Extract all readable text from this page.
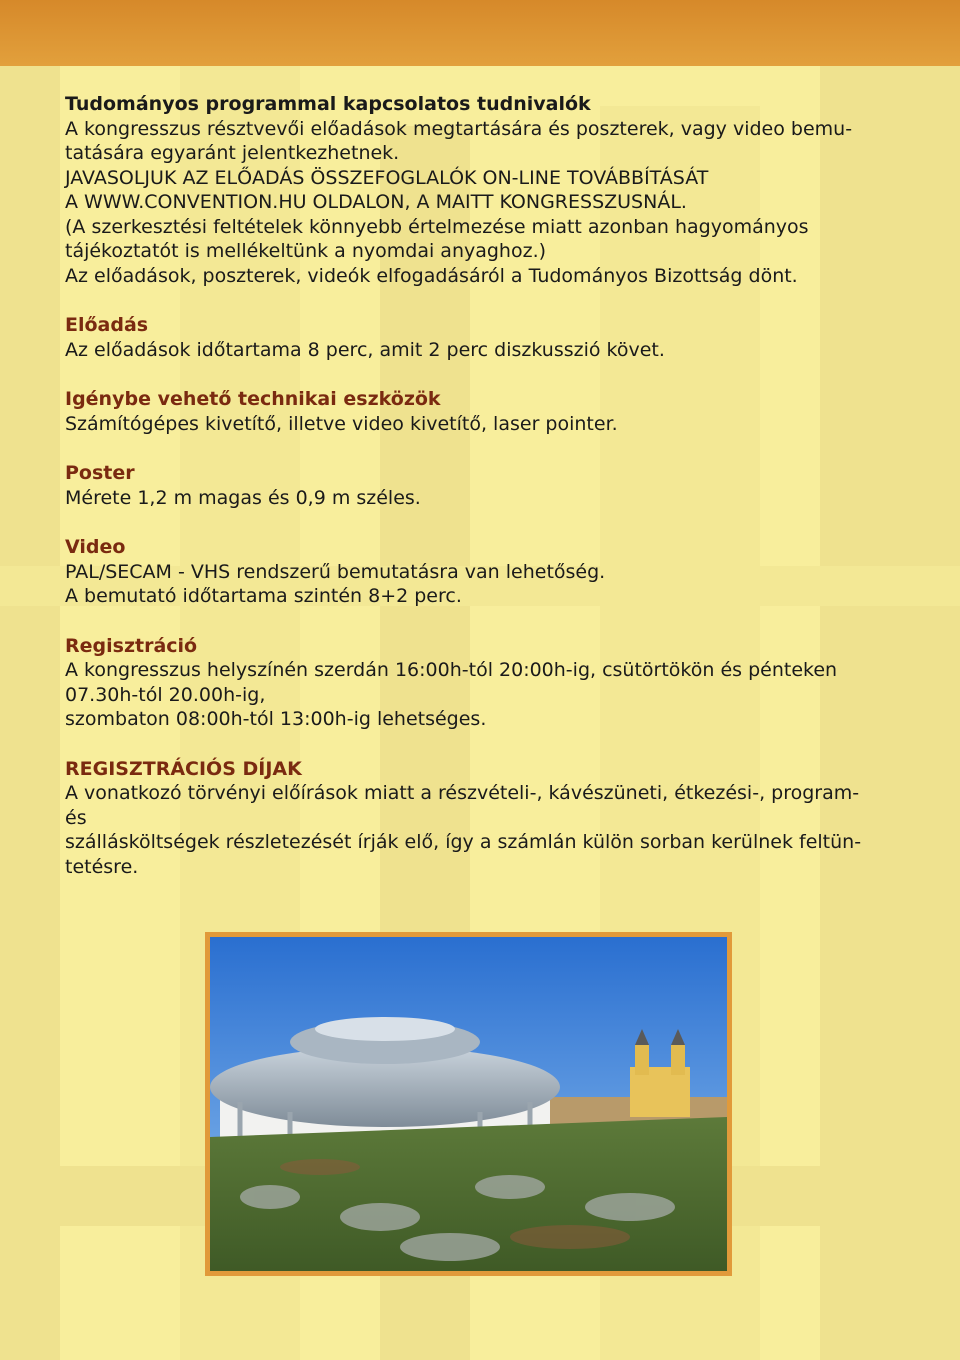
Tudományos programmal kapcsolatos tudnivalók

A kongresszus résztvevői előadások megtartására és poszterek, vagy video bemu-

tatására egyaránt jelentkezhetnek.

JAVASOLJUK AZ ELŐADÁS ÖSSZEFOGLALÓK ON-LINE TOVÁBBÍTÁSÁT

A WWW.CONVENTION.HU OLDALON, A MAITT KONGRESSZUSNÁL.

(A szerkesztési feltételek könnyebb értelmezése miatt azonban hagyományos

tájékoztatót is mellékeltünk a nyomdai anyaghoz.)

Az előadások, poszterek, videók elfogadásáról a Tudományos Bizottság dönt.

Előadás

Az előadások időtartama 8 perc, amit 2 perc diszkusszió követ.

Igénybe vehető technikai eszközök

Számítógépes kivetítő, illetve video kivetítő, laser pointer.

Poster

Mérete 1,2 m magas és 0,9 m széles.

Video

PAL/SECAM - VHS rendszerű bemutatásra van lehetőség.

A bemutató időtartama szintén 8+2 perc.

Regisztráció

A kongresszus helyszínén szerdán 16:00h-tól 20:00h-ig, csütörtökön és pénteken

07.30h-tól 20.00h-ig,

szombaton 08:00h-tól 13:00h-ig lehetséges.

REGISZTRÁCIÓS DÍJAK

A vonatkozó törvényi előírások miatt a részvételi-, kávészüneti, étkezési-, program-

és

szállásköltségek részletezését írják elő, így a számlán külön sorban kerülnek feltün-

tetésre.
